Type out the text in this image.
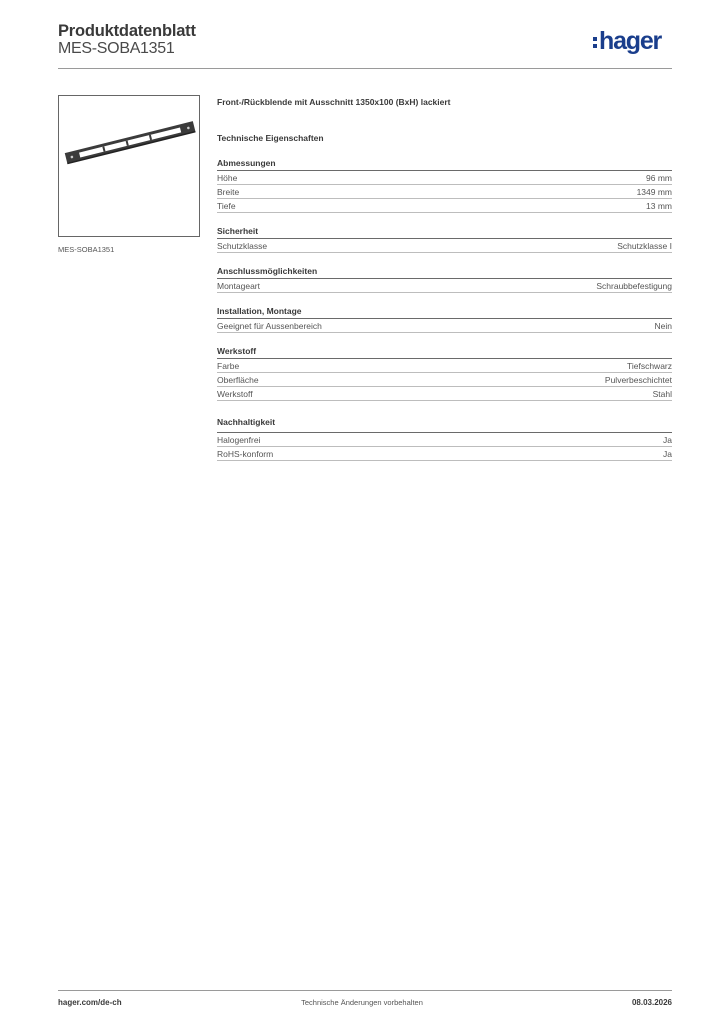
Produktdatenblatt
MES-SOBA1351	hager
MES-SOBA1351
Front-/Rückblende mit Ausschnitt 1350x100 (BxH) lackiert
Technische Eigenschaften
Abmessungen
Höhe	96 mm
Breite	1349 mm
Tiefe	13 mm
Sicherheit
Schutzklasse	Schutzklasse I
Anschlussmöglichkeiten
Montageart	Schraubbefestigung
Installation, Montage
Geeignet für Aussenbereich	Nein
Werkstoff
Farbe	Tiefschwarz
Oberfläche	Pulverbeschichtet
Werkstoff	Stahl
Nachhaltigkeit
Halogenfrei	Ja
RoHS-konform	Ja
hager.com/de-ch	Technische Änderungen vorbehalten	08.03.2026
